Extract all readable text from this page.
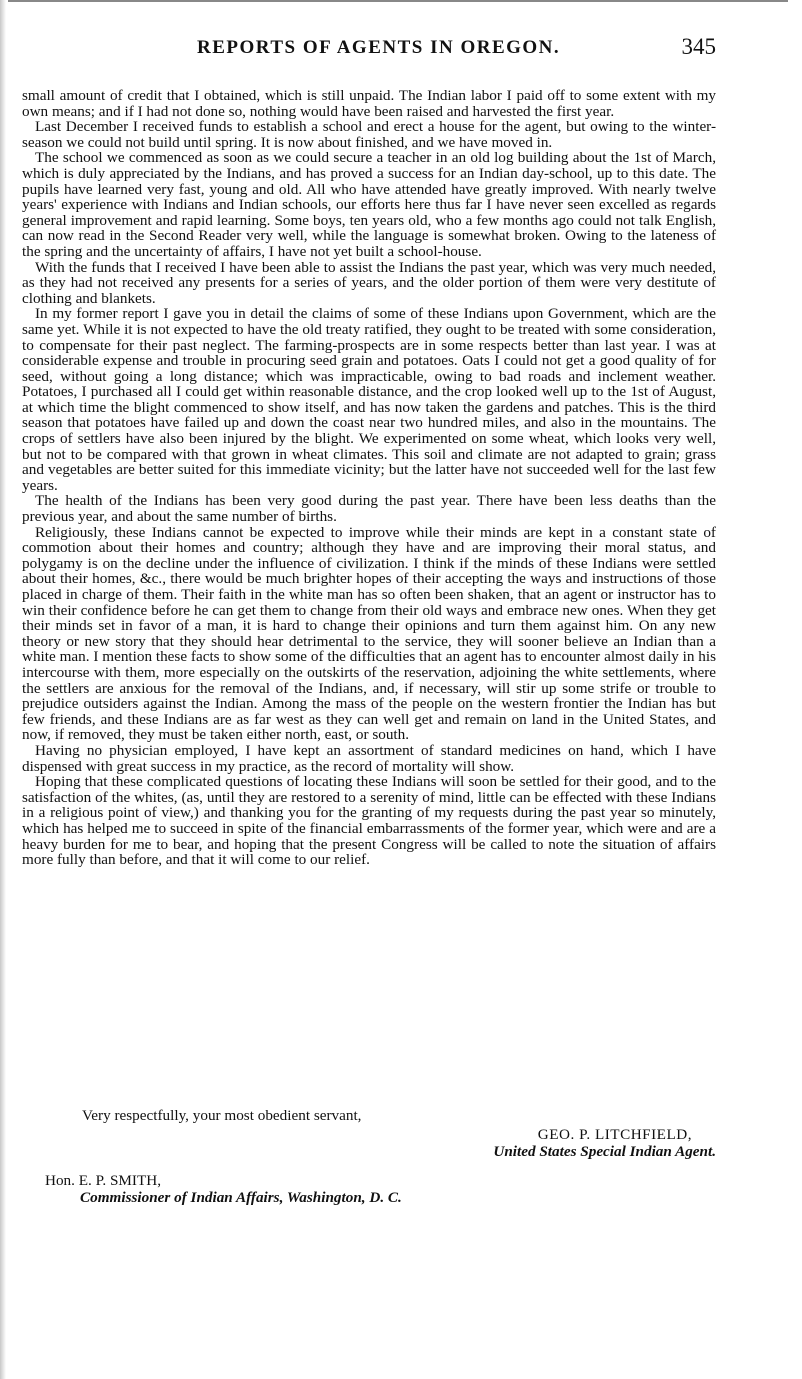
REPORTS OF AGENTS IN OREGON.	345

small amount of credit that I obtained, which is still unpaid. The Indian labor I paid off to some extent with my own means; and if I had not done so, nothing would have been raised and harvested the first year.

Last December I received funds to establish a school and erect a house for the agent, but owing to the winter-season we could not build until spring. It is now about finished, and we have moved in.

The school we commenced as soon as we could secure a teacher in an old log building about the 1st of March, which is duly appreciated by the Indians, and has proved a success for an Indian day-school, up to this date. The pupils have learned very fast, young and old. All who have attended have greatly improved. With nearly twelve years' experience with Indians and Indian schools, our efforts here thus far I have never seen excelled as regards general improvement and rapid learning. Some boys, ten years old, who a few months ago could not talk English, can now read in the Second Reader very well, while the language is somewhat broken. Owing to the lateness of the spring and the uncertainty of affairs, I have not yet built a school-house.

With the funds that I received I have been able to assist the Indians the past year, which was very much needed, as they had not received any presents for a series of years, and the older portion of them were very destitute of clothing and blankets.

In my former report I gave you in detail the claims of some of these Indians upon Government, which are the same yet. While it is not expected to have the old treaty ratified, they ought to be treated with some consideration, to compensate for their past neglect. The farming-prospects are in some respects better than last year. I was at considerable expense and trouble in procuring seed grain and potatoes. Oats I could not get a good quality of for seed, without going a long distance; which was impracticable, owing to bad roads and inclement weather. Potatoes, I purchased all I could get within reasonable distance, and the crop looked well up to the 1st of August, at which time the blight commenced to show itself, and has now taken the gardens and patches. This is the third season that potatoes have failed up and down the coast near two hundred miles, and also in the mountains. The crops of settlers have also been injured by the blight. We experimented on some wheat, which looks very well, but not to be compared with that grown in wheat climates. This soil and climate are not adapted to grain; grass and vegetables are better suited for this immediate vicinity; but the latter have not succeeded well for the last few years.

The health of the Indians has been very good during the past year. There have been less deaths than the previous year, and about the same number of births.

Religiously, these Indians cannot be expected to improve while their minds are kept in a constant state of commotion about their homes and country; although they have and are improving their moral status, and polygamy is on the decline under the influence of civilization. I think if the minds of these Indians were settled about their homes, &c., there would be much brighter hopes of their accepting the ways and instructions of those placed in charge of them. Their faith in the white man has so often been shaken, that an agent or instructor has to win their confidence before he can get them to change from their old ways and embrace new ones. When they get their minds set in favor of a man, it is hard to change their opinions and turn them against him. On any new theory or new story that they should hear detrimental to the service, they will sooner believe an Indian than a white man. I mention these facts to show some of the difficulties that an agent has to encounter almost daily in his intercourse with them, more especially on the outskirts of the reservation, adjoining the white settlements, where the settlers are anxious for the removal of the Indians, and, if necessary, will stir up some strife or trouble to prejudice outsiders against the Indian. Among the mass of the people on the western frontier the Indian has but few friends, and these Indians are as far west as they can well get and remain on land in the United States, and now, if removed, they must be taken either north, east, or south.

Having no physician employed, I have kept an assortment of standard medicines on hand, which I have dispensed with great success in my practice, as the record of mortality will show.

Hoping that these complicated questions of locating these Indians will soon be settled for their good, and to the satisfaction of the whites, (as, until they are restored to a serenity of mind, little can be effected with these Indians in a religious point of view,) and thanking you for the granting of my requests during the past year so minutely, which has helped me to succeed in spite of the financial embarrassments of the former year, which were and are a heavy burden for me to bear, and hoping that the present Congress will be called to note the situation of affairs more fully than before, and that it will come to our relief.

Very respectfully, your most obedient servant,
GEO. P. LITCHFIELD,
United States Special Indian Agent.
Hon. E. P. SMITH,
Commissioner of Indian Affairs, Washington, D. C.
